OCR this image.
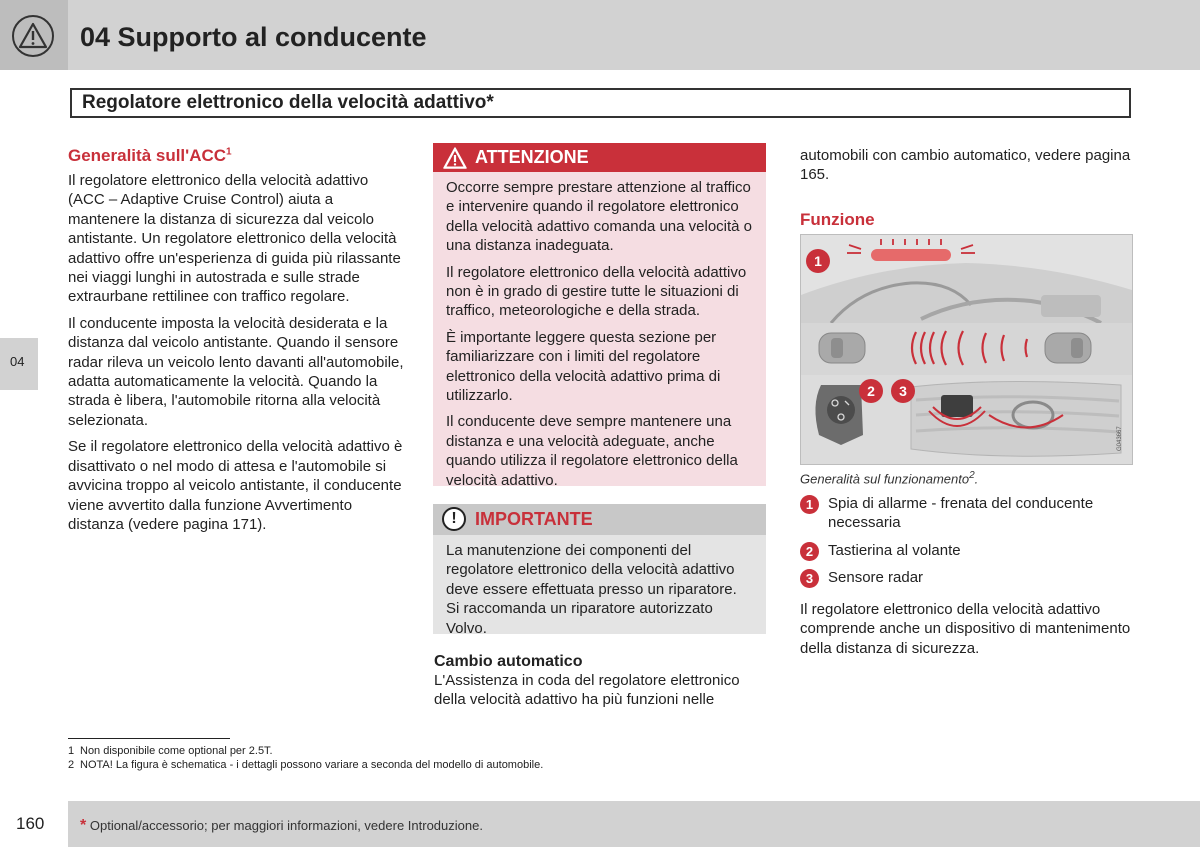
04 Supporto al conducente
Regolatore elettronico della velocità adattivo*
04
Generalità sull'ACC$^1$

Il regolatore elettronico della velocità adattivo (ACC – Adaptive Cruise Control) aiuta a mantenere la distanza di sicurezza dal veicolo antistante. Un regolatore elettronico della velocità adattivo offre un'esperienza di guida più rilassante nei viaggi lunghi in autostrada e sulle strade extraurbane rettilinee con traffico regolare.

Il conducente imposta la velocità desiderata e la distanza dal veicolo antistante. Quando il sensore radar rileva un veicolo lento davanti all'automobile, adatta automaticamente la velocità. Quando la strada è libera, l'automobile ritorna alla velocità selezionata.

Se il regolatore elettronico della velocità adattivo è disattivato o nel modo di attesa e l'automobile si avvicina troppo al veicolo antistante, il conducente viene avvertito dalla funzione Avvertimento distanza (vedere pagina 171).

ATTENZIONE

Occorre sempre prestare attenzione al traffico e intervenire quando il regolatore elettronico della velocità adattivo comanda una velocità o una distanza inadeguata.

Il regolatore elettronico della velocità adattivo non è in grado di gestire tutte le situazioni di traffico, meteorologiche e della strada.

È importante leggere questa sezione per familiarizzare con i limiti del regolatore elettronico della velocità adattivo prima di utilizzarlo.

Il conducente deve sempre mantenere una distanza e una velocità adeguate, anche quando utilizza il regolatore elettronico della velocità adattivo.

!	IMPORTANTE

La manutenzione dei componenti del regolatore elettronico della velocità adattivo deve essere effettuata presso un riparatore. Si raccomanda un riparatore autorizzato Volvo.

Cambio automatico

L'Assistenza in coda del regolatore elettronico della velocità adattivo ha più funzioni nelle

automobili con cambio automatico, vedere pagina 165.

Funzione
1
2 3
G043667
Generalità sul funzionamento$^2$.
1 Spia di allarme - frenata del conducente necessaria
2 Tastierina al volante
3 Sensore radar

Il regolatore elettronico della velocità adattivo comprende anche un dispositivo di mantenimento della distanza di sicurezza.

1 Non disponibile come optional per 2.5T.
2 NOTA! La figura è schematica - i dettagli possono variare a seconda del modello di automobile.
160 * Optional/accessorio; per maggiori informazioni, vedere Introduzione.
